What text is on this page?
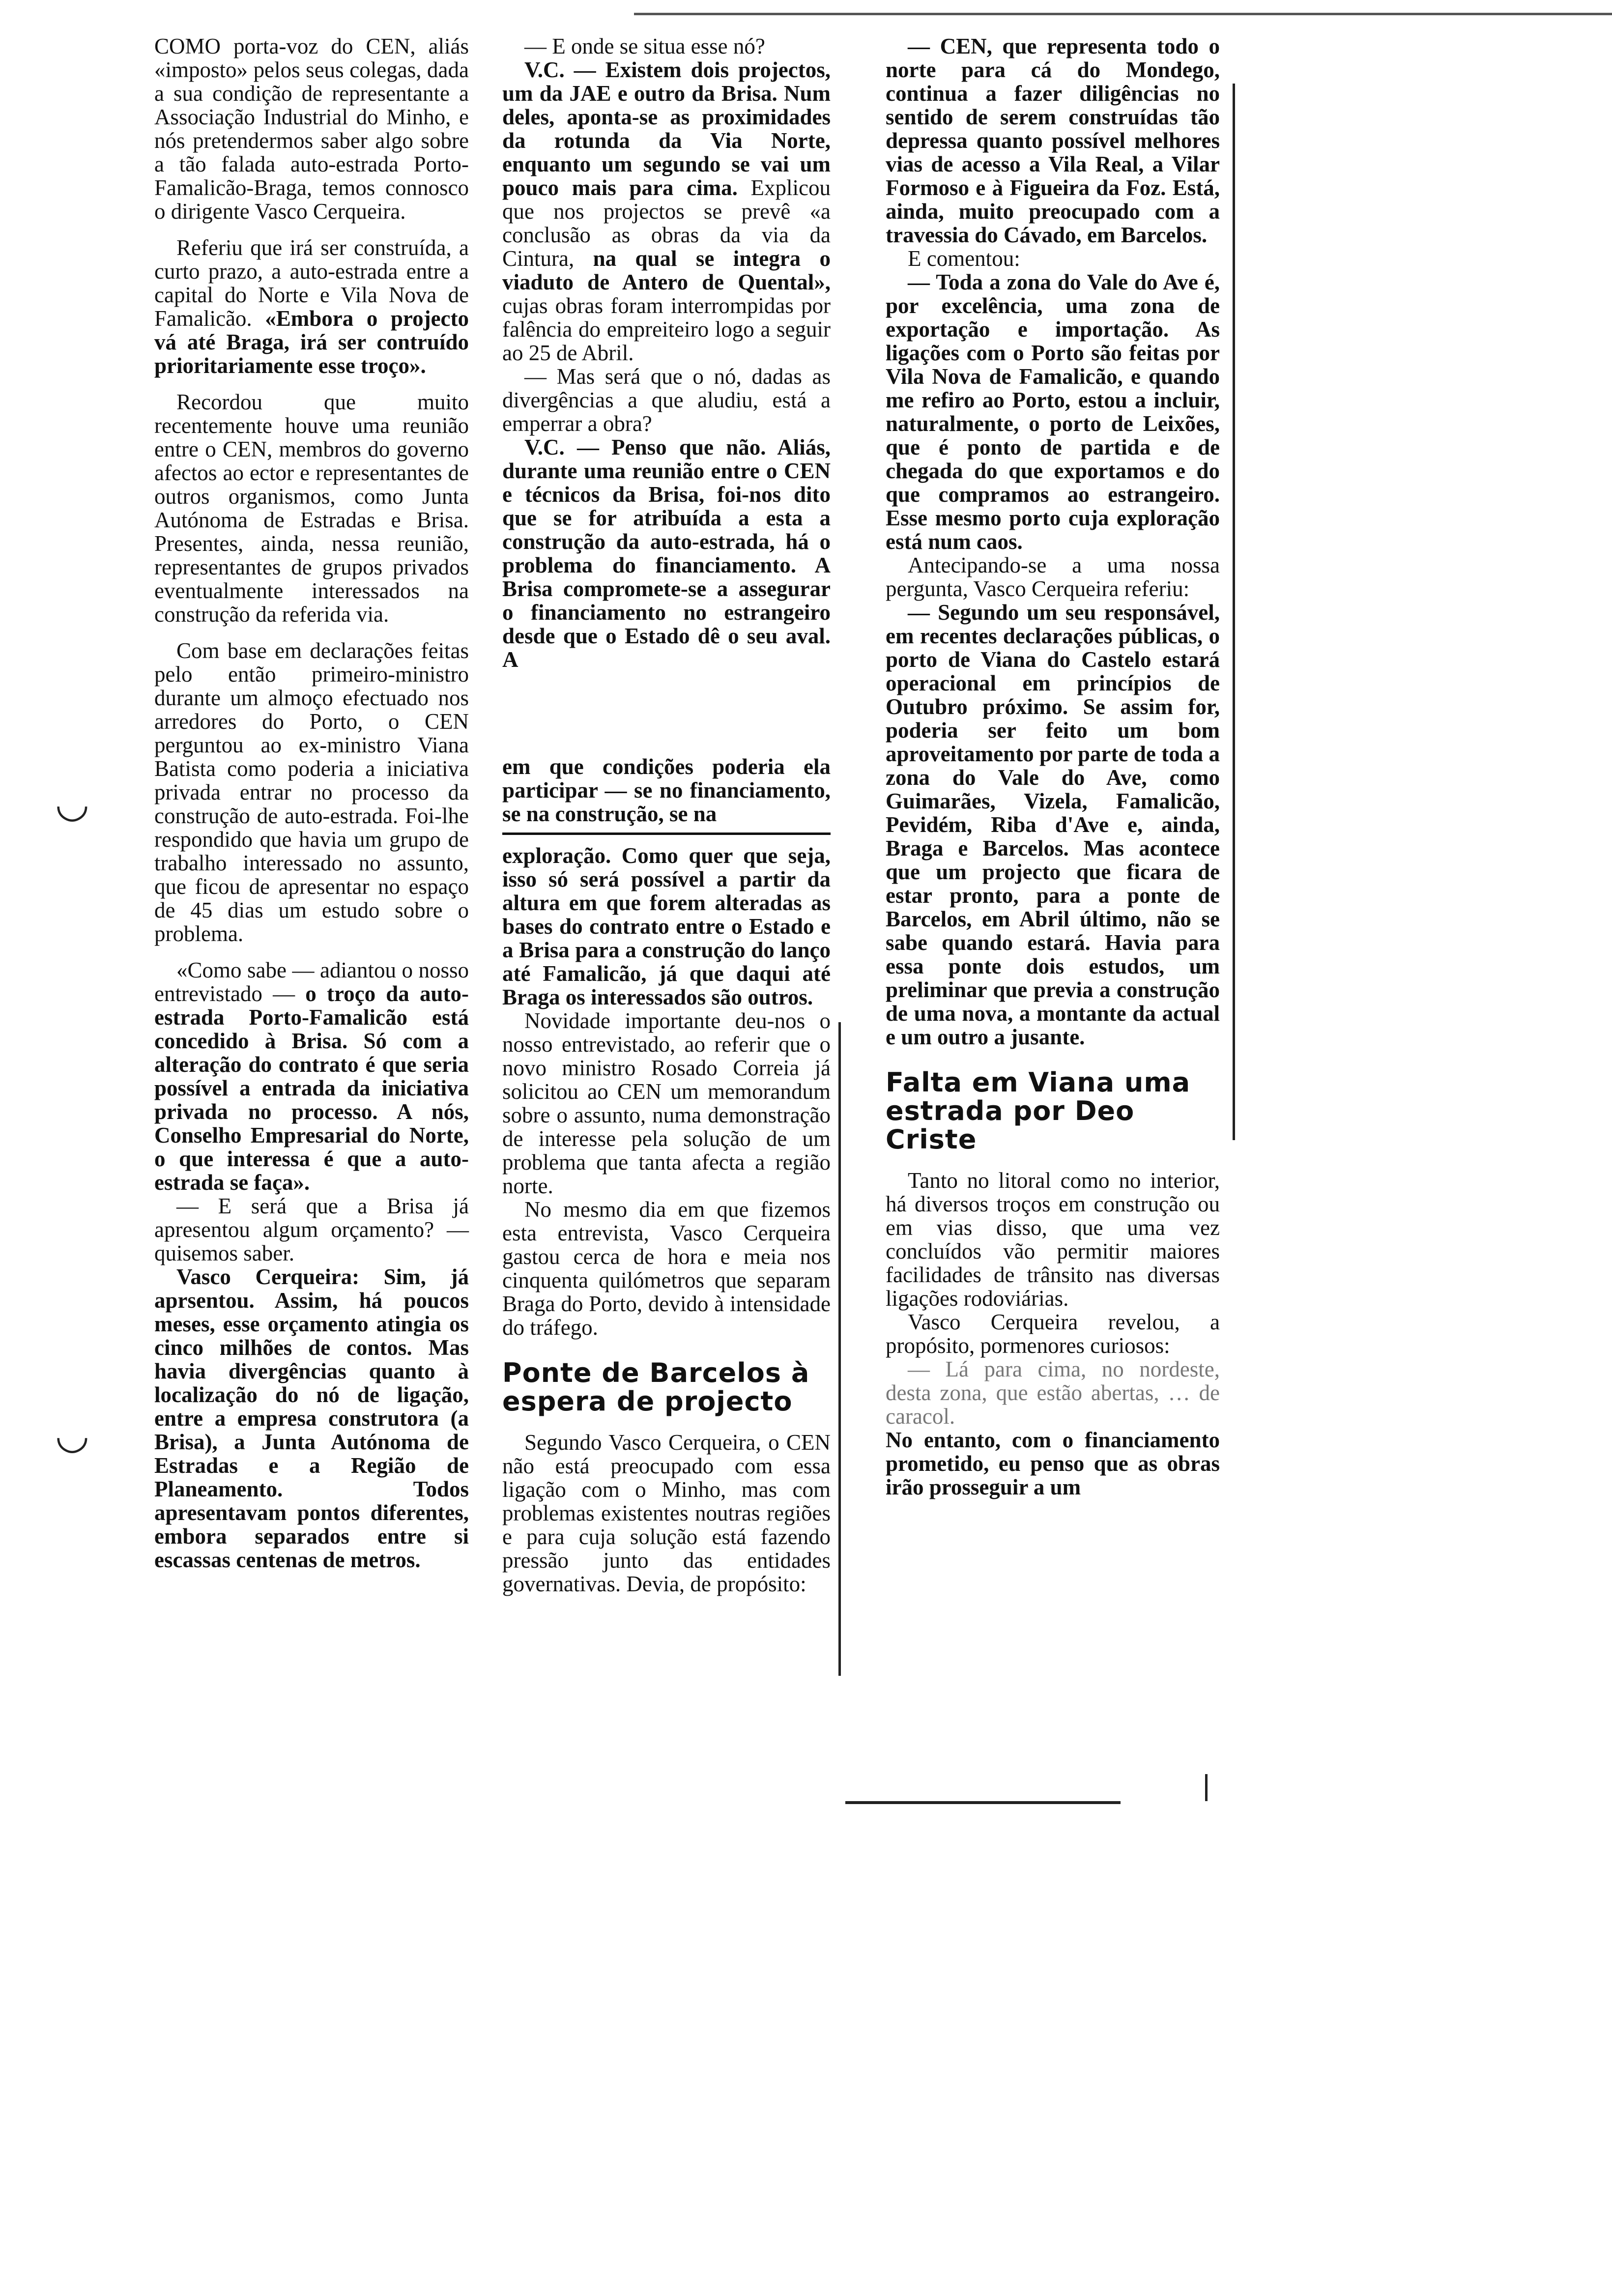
◡
◡

COMO porta-voz do CEN, aliás «imposto» pelos seus colegas, dada a sua condição de representante a Associação Industrial do Minho, e nós pretendermos saber algo sobre a tão falada auto-estrada Porto-Famalicão-Braga, temos connosco o dirigente Vasco Cerqueira.

Referiu que irá ser construída, a curto prazo, a auto-estrada entre a capital do Norte e Vila Nova de Famalicão. «Embora o projecto vá até Braga, irá ser contruído prioritariamente esse troço».

Recordou que muito recentemente houve uma reunião entre o CEN, membros do governo afectos ao ector e representantes de outros organismos, como Junta Autónoma de Estradas e Brisa. Presentes, ainda, nessa reunião, representantes de grupos privados eventualmente interessados na construção da referida via.

Com base em declarações feitas pelo então primeiro-ministro durante um almoço efectuado nos arredores do Porto, o CEN perguntou ao ex-ministro Viana Batista como poderia a iniciativa privada entrar no processo da construção de auto-estrada. Foi-lhe respondido que havia um grupo de trabalho interessado no assunto, que ficou de apresentar no espaço de 45 dias um estudo sobre o problema.

«Como sabe — adiantou o nosso entrevistado — o troço da auto-estrada Porto-Famalicão está concedido à Brisa. Só com a alteração do contrato é que seria possível a entrada da iniciativa privada no processo. A nós, Conselho Empresarial do Norte, o que interessa é que a auto-estrada se faça».

— E será que a Brisa já apresentou algum orçamento? — quisemos saber.

Vasco Cerqueira: Sim, já aprsentou. Assim, há poucos meses, esse orçamento atingia os cinco milhões de contos. Mas havia divergências quanto à localização do nó de ligação, entre a empresa construtora (a Brisa), a Junta Autónoma de Estradas e a Região de Planeamento. Todos apresentavam pontos diferentes, embora separados entre si escassas centenas de metros.

— E onde se situa esse nó?

V.C. — Existem dois projectos, um da JAE e outro da Brisa. Num deles, aponta-se as proximidades da rotunda da Via Norte, enquanto um segundo se vai um pouco mais para cima. Explicou que nos projectos se prevê «a conclusão as obras da via da Cintura, na qual se integra o viaduto de Antero de Quental», cujas obras foram interrompidas por falência do empreiteiro logo a seguir ao 25 de Abril.

— Mas será que o nó, dadas as divergências a que aludiu, está a emperrar a obra?

V.C. — Penso que não. Aliás, durante uma reunião entre o CEN e técnicos da Brisa, foi-nos dito que se for atribuída a esta a construção da auto-estrada, há o problema do financiamento. A Brisa compromete-se a assegurar o financiamento no estrangeiro desde que o Estado dê o seu aval. A

em que condições poderia ela participar — se no financiamento, se na construção, se na

exploração. Como quer que seja, isso só será possível a partir da altura em que forem alteradas as bases do contrato entre o Estado e a Brisa para a construção do lanço até Famalicão, já que daqui até Braga os interessados são outros.

Novidade importante deu-nos o nosso entrevistado, ao referir que o novo ministro Rosado Correia já solicitou ao CEN um memorandum sobre o assunto, numa demonstração de interesse pela solução de um problema que tanta afecta a região norte.

No mesmo dia em que fizemos esta entrevista, Vasco Cerqueira gastou cerca de hora e meia nos cinquenta quilómetros que separam Braga do Porto, devido à intensidade do tráfego.

Ponte de Barcelos à espera de projecto

Segundo Vasco Cerqueira, o CEN não está preocupado com essa ligação com o Minho, mas com problemas existentes noutras regiões e para cuja solução está fazendo pressão junto das entidades governativas. Devia, de propósito:

— CEN, que representa todo o norte para cá do Mondego, continua a fazer diligências no sentido de serem construídas tão depressa quanto possível melhores vias de acesso a Vila Real, a Vilar Formoso e à Figueira da Foz. Está, ainda, muito preocupado com a travessia do Cávado, em Barcelos.

E comentou:

— Toda a zona do Vale do Ave é, por excelência, uma zona de exportação e importação. As ligações com o Porto são feitas por Vila Nova de Famalicão, e quando me refiro ao Porto, estou a incluir, naturalmente, o porto de Leixões, que é ponto de partida e de chegada do que exportamos e do que compramos ao estrangeiro. Esse mesmo porto cuja exploração está num caos.

Antecipando-se a uma nossa pergunta, Vasco Cerqueira referiu:

— Segundo um seu responsável, em recentes declarações públicas, o porto de Viana do Castelo estará operacional em princípios de Outubro próximo. Se assim for, poderia ser feito um bom aproveitamento por parte de toda a zona do Vale do Ave, como Guimarães, Vizela, Famalicão, Pevidém, Riba d'Ave e, ainda, Braga e Barcelos. Mas acontece que um projecto que ficara de estar pronto, para a ponte de Barcelos, em Abril último, não se sabe quando estará. Havia para essa ponte dois estudos, um preliminar que previa a construção de uma nova, a montante da actual e um outro a jusante.

Falta em Viana uma estrada por Deo Criste

Tanto no litoral como no interior, há diversos troços em construção ou em vias disso, que uma vez concluídos vão permitir maiores facilidades de trânsito nas diversas ligações rodoviárias.

Vasco Cerqueira revelou, a propósito, pormenores curiosos:

— Lá para cima, no nordeste, desta zona, que estão abertas, … de caracol.

No entanto, com o financiamento prometido, eu penso que as obras irão prosseguir a um
